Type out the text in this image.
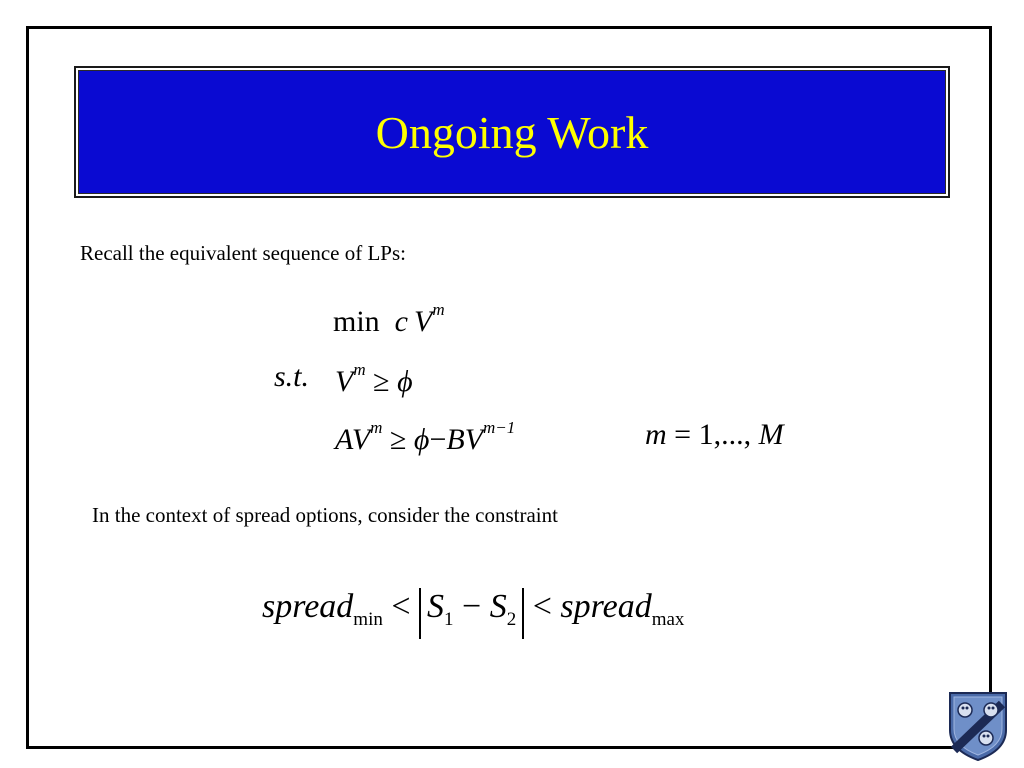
Ongoing Work
Recall the equivalent sequence of LPs:
min c  $V^m$
s.t. $V^m \ge \phi$
$AV^m \ge \phi-BV^{m-1}$	m = 1,..., M
In the context of spread options, consider the constraint
spread$_{min}$ < $S_1 - S_2$ < spread$_{max}$
